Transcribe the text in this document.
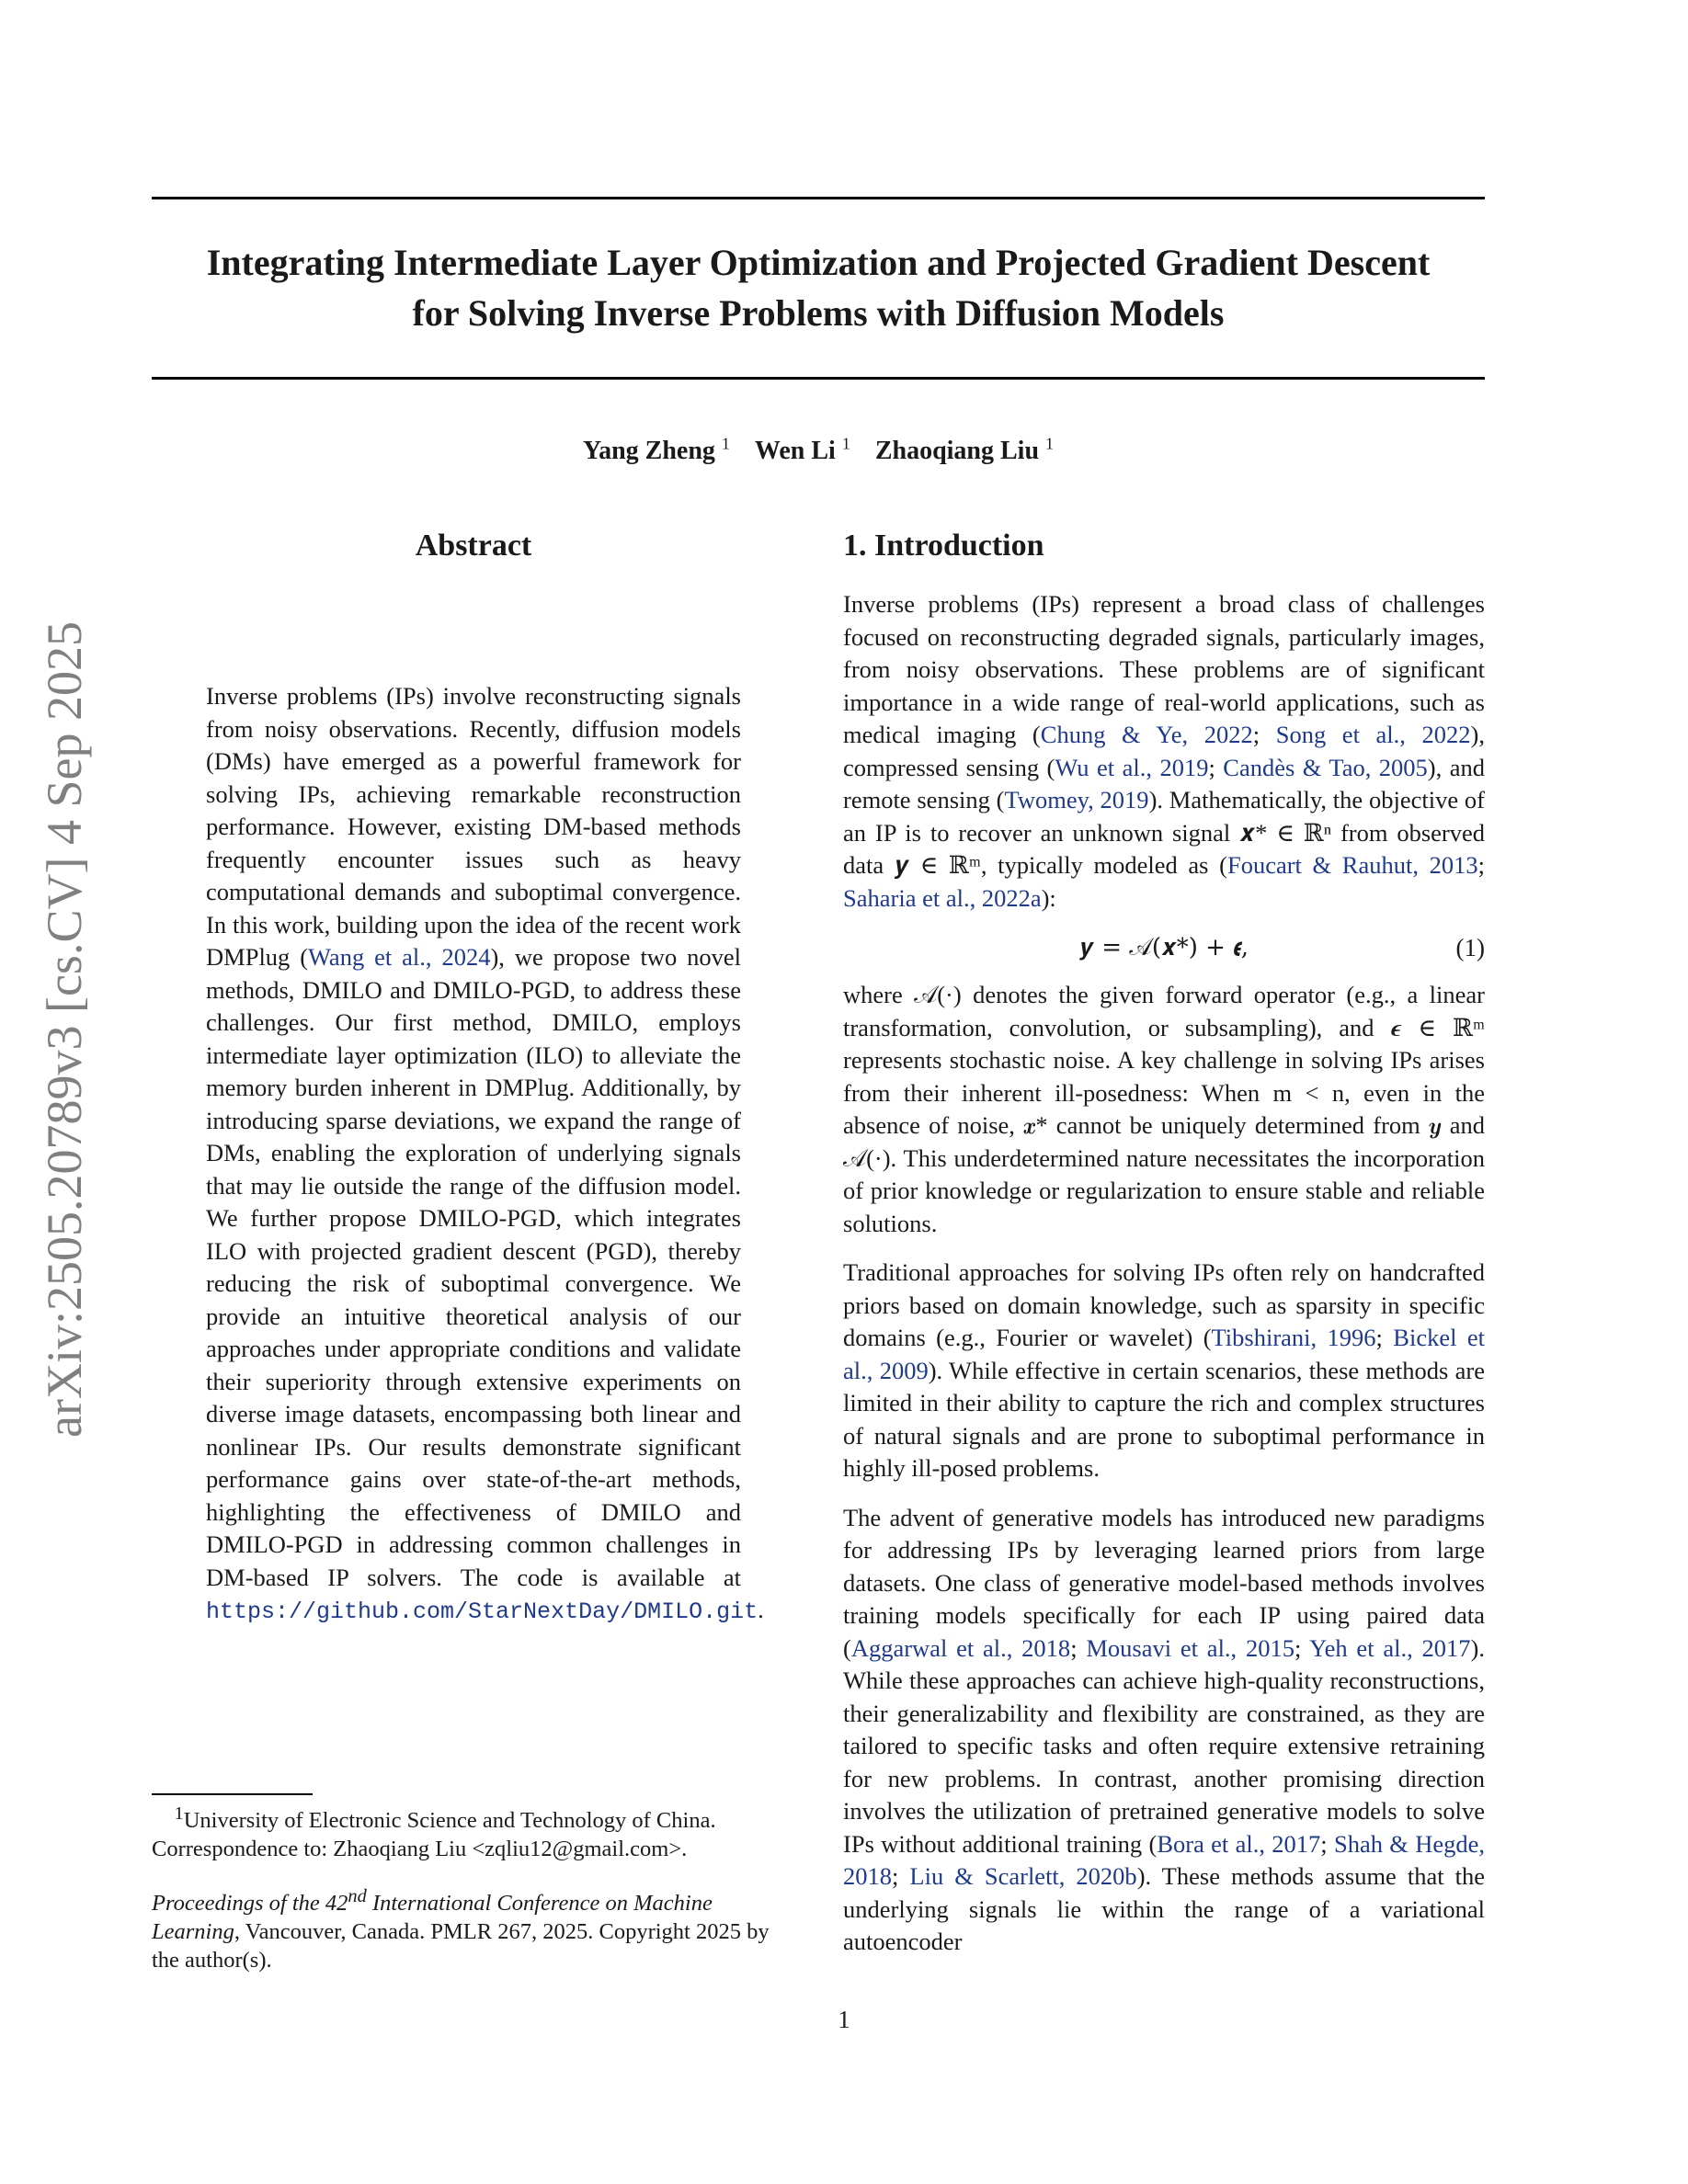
Integrating Intermediate Layer Optimization and Projected Gradient Descent
for Solving Inverse Problems with Diffusion Models
Yang Zheng $^1$ Wen Li $^1$ Zhaoqiang Liu $^1$
arXiv:2505.20789v3 [cs.CV] 4 Sep 2025
Abstract

Inverse problems (IPs) involve reconstructing signals from noisy observations. Recently, diffusion models (DMs) have emerged as a powerful framework for solving IPs, achieving remarkable reconstruction performance. However, existing DM-based methods frequently encounter issues such as heavy computational demands and suboptimal convergence. In this work, building upon the idea of the recent work DMPlug (Wang et al., 2024), we propose two novel methods, DMILO and DMILO-PGD, to address these challenges. Our first method, DMILO, employs intermediate layer optimization (ILO) to alleviate the memory burden inherent in DMPlug. Additionally, by introducing sparse deviations, we expand the range of DMs, enabling the exploration of underlying signals that may lie outside the range of the diffusion model. We further propose DMILO-PGD, which integrates ILO with projected gradient descent (PGD), thereby reducing the risk of suboptimal convergence. We provide an intuitive theoretical analysis of our approaches under appropriate conditions and validate their superiority through extensive experiments on diverse image datasets, encompassing both linear and nonlinear IPs. Our results demonstrate significant performance gains over state-of-the-art methods, highlighting the effectiveness of DMILO and DMILO-PGD in addressing common challenges in DM-based IP solvers. The code is available at https://github.com/StarNextDay/DMILO.git.

$^1$University of Electronic Science and Technology of China. Correspondence to: Zhaoqiang Liu <zqliu12@gmail.com>.

Proceedings of the 42nd International Conference on Machine Learning, Vancouver, Canada. PMLR 267, 2025. Copyright 2025 by the author(s).

1. Introduction

Inverse problems (IPs) represent a broad class of challenges focused on reconstructing degraded signals, particularly images, from noisy observations. These problems are of significant importance in a wide range of real-world applications, such as medical imaging (Chung & Ye, 2022; Song et al., 2022), compressed sensing (Wu et al., 2019; Candès & Tao, 2005), and remote sensing (Twomey, 2019). Mathematically, the objective of an IP is to recover an unknown signal 𝒙* ∈ ℝⁿ from observed data 𝒚 ∈ ℝᵐ, typically modeled as (Foucart & Rauhut, 2013; Saharia et al., 2022a):

𝒚 = 𝒜(𝒙*) + 𝝐,	(1)

where 𝒜(·) denotes the given forward operator (e.g., a linear transformation, convolution, or subsampling), and 𝝐 ∈ ℝᵐ represents stochastic noise. A key challenge in solving IPs arises from their inherent ill-posedness: When m < n, even in the absence of noise, 𝒙* cannot be uniquely determined from 𝒚 and 𝒜(·). This underdetermined nature necessitates the incorporation of prior knowledge or regularization to ensure stable and reliable solutions.

Traditional approaches for solving IPs often rely on handcrafted priors based on domain knowledge, such as sparsity in specific domains (e.g., Fourier or wavelet) (Tibshirani, 1996; Bickel et al., 2009). While effective in certain scenarios, these methods are limited in their ability to capture the rich and complex structures of natural signals and are prone to suboptimal performance in highly ill-posed problems.

The advent of generative models has introduced new paradigms for addressing IPs by leveraging learned priors from large datasets. One class of generative model-based methods involves training models specifically for each IP using paired data (Aggarwal et al., 2018; Mousavi et al., 2015; Yeh et al., 2017). While these approaches can achieve high-quality reconstructions, their generalizability and flexibility are constrained, as they are tailored to specific tasks and often require extensive retraining for new problems. In contrast, another promising direction involves the utilization of pretrained generative models to solve IPs without additional training (Bora et al., 2017; Shah & Hegde, 2018; Liu & Scarlett, 2020b). These methods assume that the underlying signals lie within the range of a variational autoencoder

1
